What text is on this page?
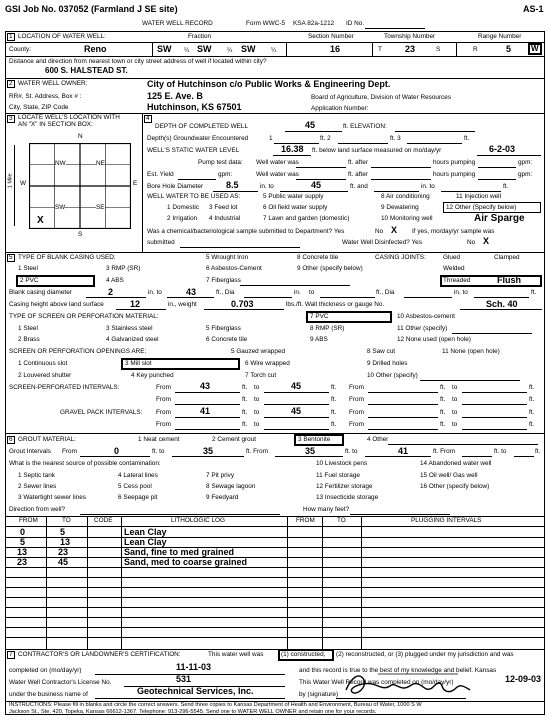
GSI Job No. 037052 (Farmland J SE site)	AS-1
WATER WELL RECORD	Form WWC-5 KSA 82a-1212 ID No.
1 LOCATION OF WATER WELL:	Fraction	Section Number	Township Number	Range Number
County:	Reno	SW ¼ SW ¼ SW ¼	16	T	23	S	R	5 W
Distance and direction from nearest town or city street address of well if located within city?
600 S. HALSTEAD ST.
2 WATER WELL OWNER:	City of Hutchinson c/o Public Works & Engineering Dept.
RR#, St. Address, Box # :	125 E. Ave. B	Board of Agriculture, Division of Water Resources
City, State, ZIP Code	Hutchinson, KS 67501	Application Number:
3 LOCATE WELL'S LOCATION WITH
AN "X" IN SECTION BOX:
N
S
W	E
1 Mile
NW	NE
SW	SE
X
4
DEPTH OF COMPLETED WELL	45	ft. ELEVATION:
Depth(s) Groundwater Encountered	1	ft. 2	ft. 3	ft.
WELL'S STATIC WATER LEVEL	16.38 ft. below land surface measured on mo/day/yr	6-2-03
Pump test data: Well water was	ft. after	hours pumping	gpm:
Est. Yield	gpm:	Well water was	ft. after	hours pumping	gpm:
Bore Hole Diameter	8.5	in. to	45	ft. and	in. to	ft.
WELL WATER TO BE USED AS:	5 Public water supply	8 Air conditioning	11 Injection well
1 Domestic 3 Feed lot	6 Oil field water supply	9 Dewatering	12 Other (Specify below)
2 Irrigation 4 Industrial	7 Lawn and garden (domestic)	10 Monitoring well	Air Sparge
Was a chemical/bacteriological sample submitted to Department? Yes	No X If yes, mo/day/yr sample was
submitted	Water Well Disinfected? Yes	No X
5 TYPE OF BLANK CASING USED:	5 Wrought Iron	8 Concrete tile	CASING JOINTS:	Glued	Clamped
1 Steel	3 RMP (SR)	6 Asbestos-Cement	9 Other (specify below)	Welded
2 PVC	4 ABS	7 Fiberglass	Threaded	Flush
Blank casing diameter	2	in. to	43	ft., Dia	in. to	ft., Dia	in. to	ft.
Casing height above land surface	12	in., weight	0.703	lbs./ft. Wall thickness or gauge No.	Sch. 40
TYPE OF SCREEN OR PERFORATION MATERIAL:	7 PVC	10 Asbestos-cement
1 Steel	3 Stainless steel	5 Fiberglass	8 RMP (SR)	11 Other (specify)
2 Brass	4 Galvanized steel	6 Concrete tile	9 ABS	12 None used (open hole)
SCREEN OR PERFORATION OPENINGS ARE:	5 Gauzed wrapped	8 Saw cut	11 None (open hole)
1 Continuous slot	3 Mill slot	6 Wire wrapped	9 Drilled holes
2 Louvered shutter	4 Key punched	7 Torch cut	10 Other (specify)
SCREEN-PERFORATED INTERVALS:	From	43	ft. to	45	ft. From	ft. to	ft.
From	ft. to	ft. From	ft. to	ft.
GRAVEL PACK INTERVALS: From	41	ft. to	45	ft. From	ft. to	ft.
From	ft. to	ft. From	ft. to	ft.
6 GROUT MATERIAL:	1 Neat cement	2 Cement grout	3 Bentonite	4 Other
Grout Intervals From	0	ft. to	35	ft. From	35	ft. to	41	ft. From	ft. to	ft.
What is the nearest source of possible contamination:	10 Livestock pens	14 Abandoned water well
1 Septic tank	4 Lateral lines	7 Pit privy	11 Fuel storage	15 Oil well/ Gas well
2 Sewer lines	5 Cess pool	8 Sewage lagoon	12 Fertilizer storage	16 Other (specify below)
3 Watertight sewer lines	6 Seepage pit	9 Feedyard	13 Insecticide storage
Direction from well?	How many feet?
FROM	TO	CODE	LITHOLOGIC LOG	FROM	TO	PLUGGING INTERVALS
0	5	Lean Clay
5	13	Lean Clay
13	23	Sand, fine to med grained
23	45	Sand, med to coarse grained
7 CONTRACTOR'S OR LANDOWNER'S CERTIFICATION:	This water well was	(1) constructed, (2) reconstructed, or (3) plugged under my jurisdiction and was
completed on (mo/day/yr)	11-11-03	and this record is true to the best of my knowledge and belief. Kansas
Water Well Contractor's License No.	531	This Water Well Record was completed on (mo/day/yr)	12-09-03
under the business name of	Geotechnical Services, Inc.	by (signature)
INSTRUCTIONS: Please fill in blanks and circle the correct answers. Send three copies to Kansas Department of Health and Environment, Bureau of Water, 1000 S W
Jackson St., Ste. 420, Topeka, Kansas 66612-1367. Telephone: 913-296-5545. Send one to WATER WELL OWNER and retain one for your records.
